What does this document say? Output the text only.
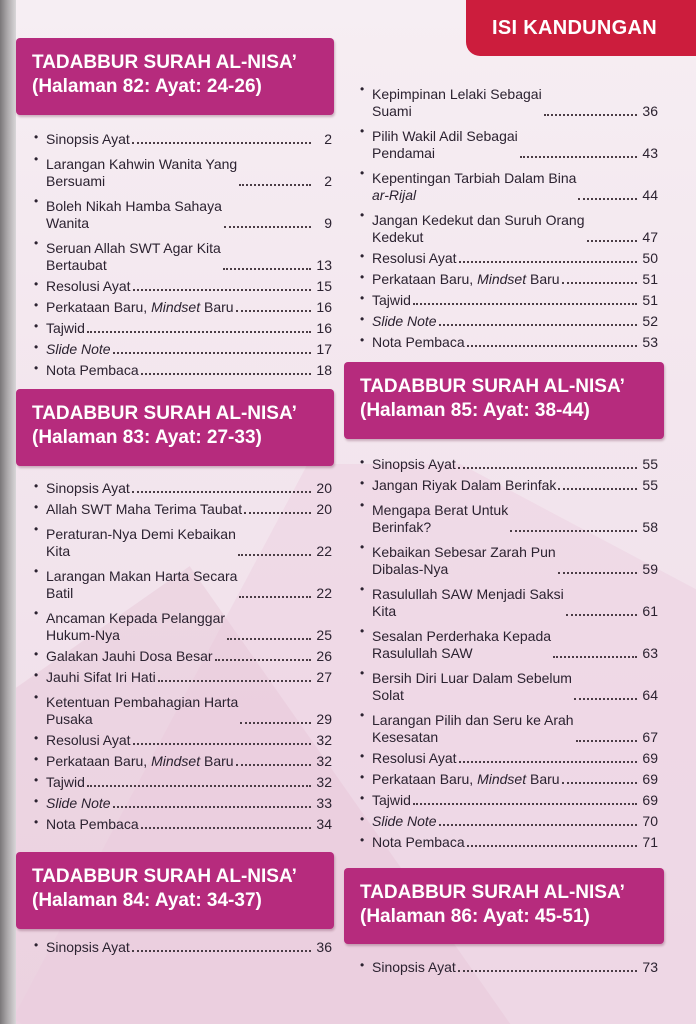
ISI KANDUNGAN
TADABBUR SURAH AL-NISA’
(Halaman 82: Ayat: 24-26)
• Sinopsis Ayat	2
• Larangan Kahwin Wanita Yang
Bersuami	2
• Boleh Nikah Hamba Sahaya
Wanita	9
• Seruan Allah SWT Agar Kita
Bertaubat	13
• Resolusi Ayat	15
• Perkataan Baru, Mindset Baru	16
• Tajwid	16
• Slide Note	17
• Nota Pembaca	18
TADABBUR SURAH AL-NISA’
(Halaman 83: Ayat: 27-33)
• Sinopsis Ayat	20
• Allah SWT Maha Terima Taubat	20
• Peraturan-Nya Demi Kebaikan
Kita	22
• Larangan Makan Harta Secara
Batil	22
• Ancaman Kepada Pelanggar
Hukum-Nya	25
• Galakan Jauhi Dosa Besar	26
• Jauhi Sifat Iri Hati	27
• Ketentuan Pembahagian Harta
Pusaka	29
• Resolusi Ayat	32
• Perkataan Baru, Mindset Baru	32
• Tajwid	32
• Slide Note	33
• Nota Pembaca	34
TADABBUR SURAH AL-NISA’
(Halaman 84: Ayat: 34-37)
• Sinopsis Ayat	36
• Kepimpinan Lelaki Sebagai
Suami	36
• Pilih Wakil Adil Sebagai
Pendamai	43
• Kepentingan Tarbiah Dalam Bina
ar-Rijal	44
• Jangan Kedekut dan Suruh Orang
Kedekut	47
• Resolusi Ayat	50
• Perkataan Baru, Mindset Baru	51
• Tajwid	51
• Slide Note	52
• Nota Pembaca	53
TADABBUR SURAH AL-NISA’
(Halaman 85: Ayat: 38-44)
• Sinopsis Ayat	55
• Jangan Riyak Dalam Berinfak	55
• Mengapa Berat Untuk
Berinfak?	58
• Kebaikan Sebesar Zarah Pun
Dibalas-Nya	59
• Rasulullah SAW Menjadi Saksi
Kita	61
• Sesalan Perderhaka Kepada
Rasulullah SAW	63
• Bersih Diri Luar Dalam Sebelum
Solat	64
• Larangan Pilih dan Seru ke Arah
Kesesatan	67
• Resolusi Ayat	69
• Perkataan Baru, Mindset Baru	69
• Tajwid	69
• Slide Note	70
• Nota Pembaca	71
TADABBUR SURAH AL-NISA’
(Halaman 86: Ayat: 45-51)
• Sinopsis Ayat	73
